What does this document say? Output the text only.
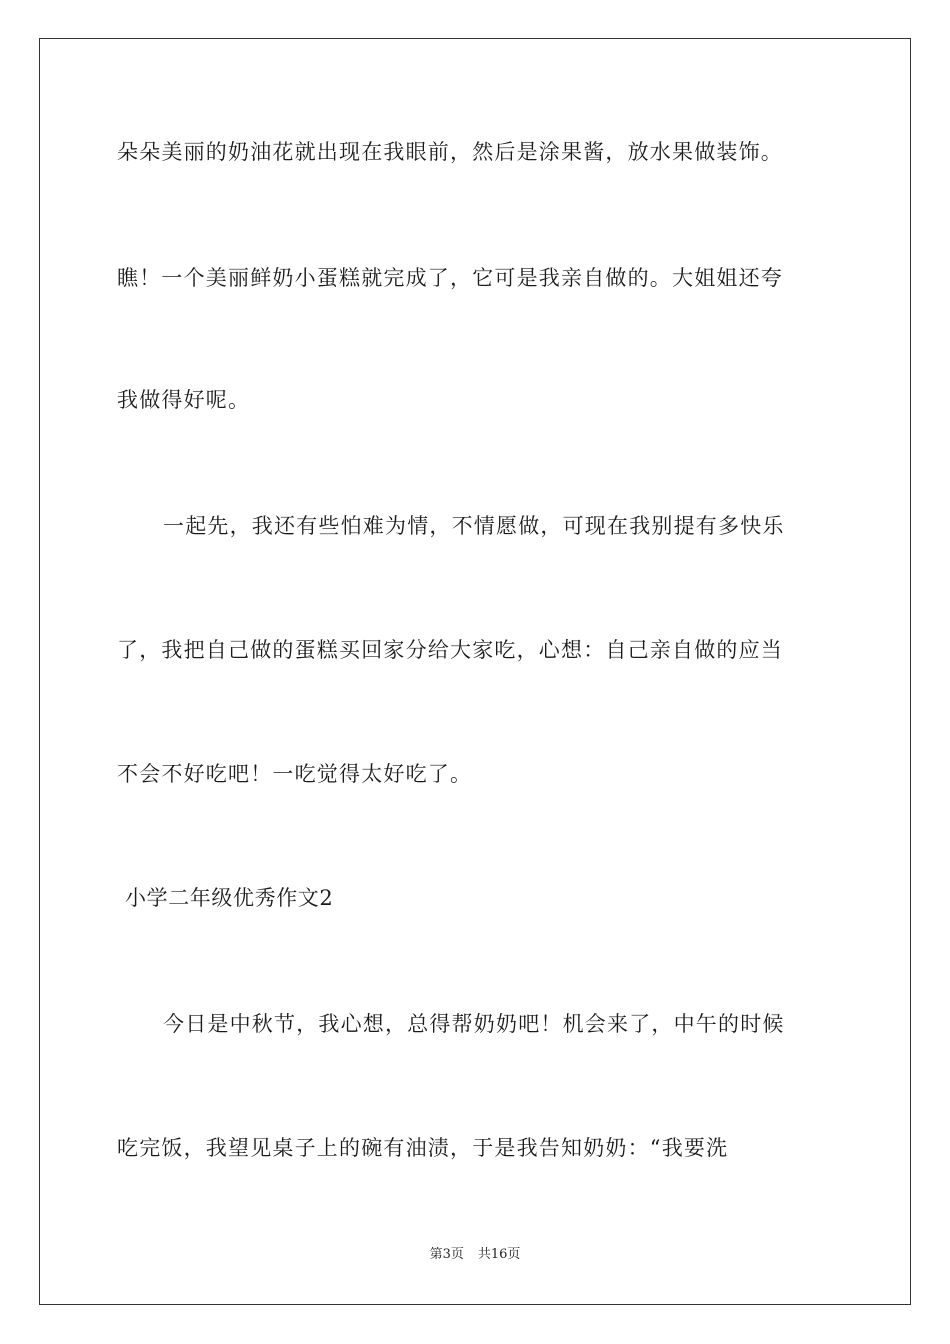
朵朵美丽的奶油花就出现在我眼前，然后是涂果酱，放水果做装饰。
瞧！一个美丽鲜奶小蛋糕就完成了，它可是我亲自做的。大姐姐还夸
我做得好呢。
一起先，我还有些怕难为情，不情愿做，可现在我别提有多快乐
了，我把自己做的蛋糕买回家分给大家吃，心想：自己亲自做的应当
不会不好吃吧！一吃觉得太好吃了。
小学二年级优秀作文2
今日是中秋节，我心想，总得帮奶奶吧！机会来了，中午的时候
吃完饭，我望见桌子上的碗有油渍，于是我告知奶奶：“我要洗
第3页 共16页
